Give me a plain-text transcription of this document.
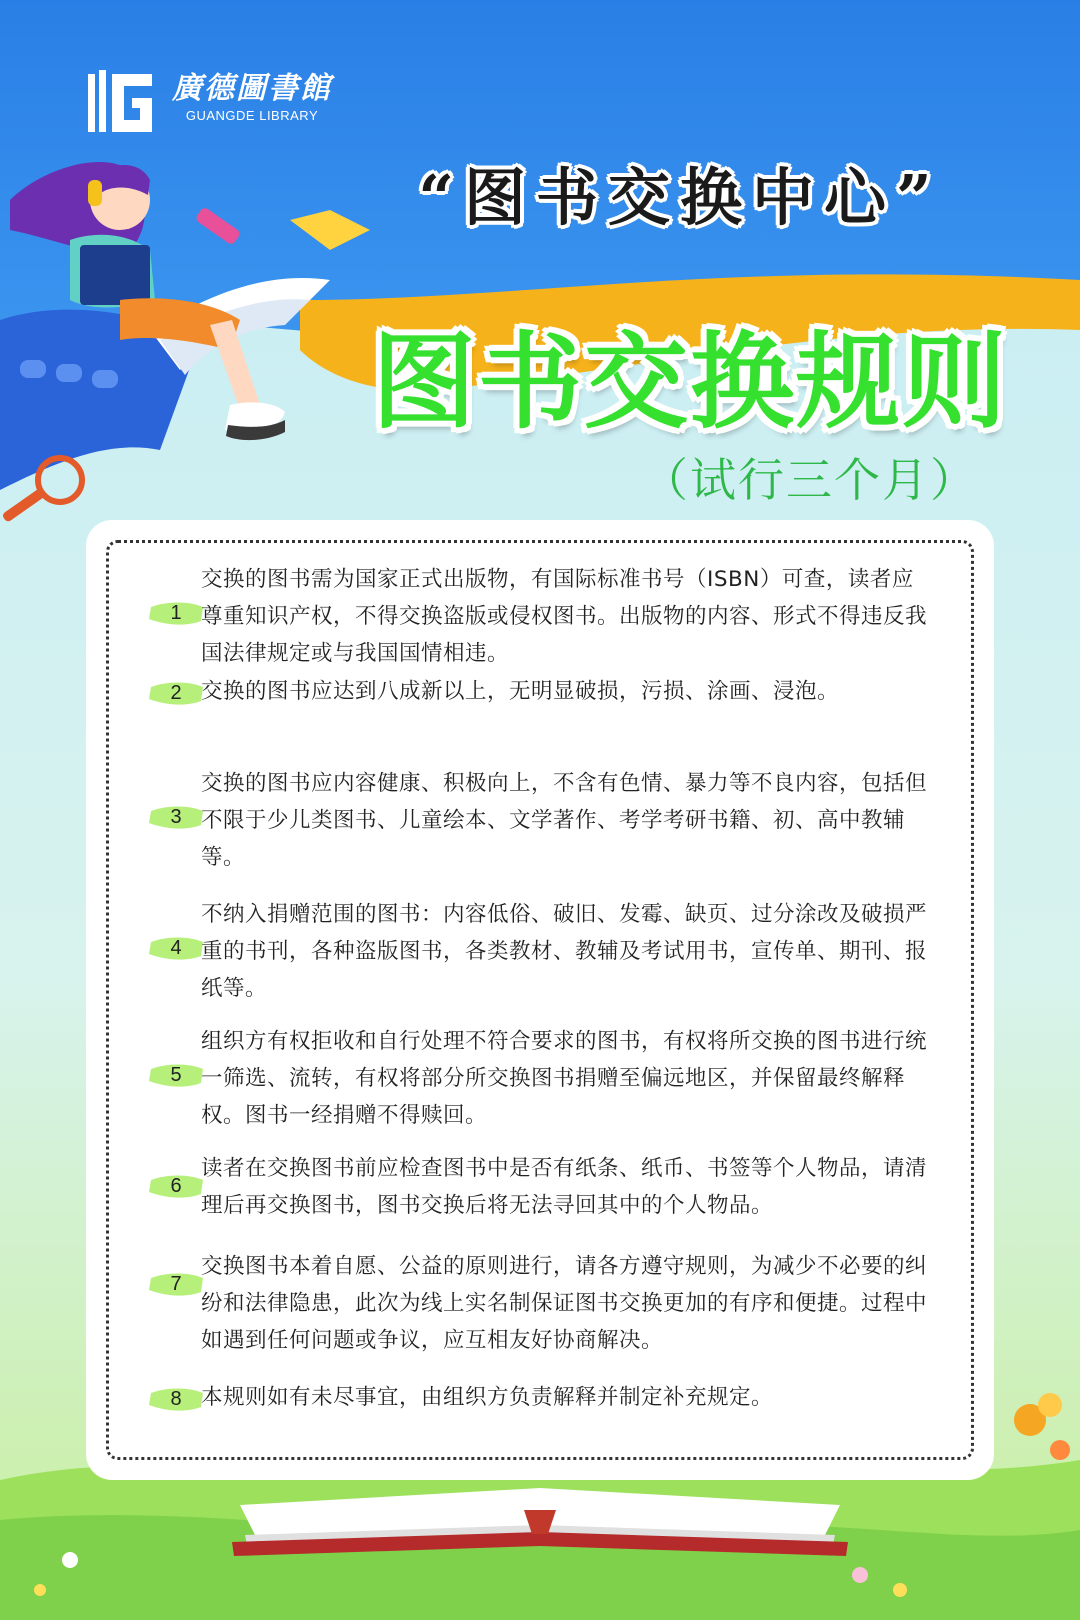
廣德圖書館
GUANGDE LIBRARY
“图书交换中心”
图书交换规则
（试行三个月）
1
交换的图书需为国家正式出版物，有国际标准书号（ISBN）可查，读者应尊重知识产权，不得交换盗版或侵权图书。出版物的内容、形式不得违反我国法律规定或与我国国情相违。
2 交换的图书应达到八成新以上，无明显破损，污损、涂画、浸泡。
3
交换的图书应内容健康、积极向上，不含有色情、暴力等不良内容，包括但不限于少儿类图书、儿童绘本、文学著作、考学考研书籍、初、高中教辅等。
4
不纳入捐赠范围的图书：内容低俗、破旧、发霉、缺页、过分涂改及破损严重的书刊，各种盗版图书，各类教材、教辅及考试用书，宣传单、期刊、报纸等。
5
组织方有权拒收和自行处理不符合要求的图书，有权将所交换的图书进行统一筛选、流转，有权将部分所交换图书捐赠至偏远地区，并保留最终解释权。图书一经捐赠不得赎回。
6
读者在交换图书前应检查图书中是否有纸条、纸币、书签等个人物品，请清理后再交换图书，图书交换后将无法寻回其中的个人物品。
7
交换图书本着自愿、公益的原则进行，请各方遵守规则，为减少不必要的纠纷和法律隐患，此次为线上实名制保证图书交换更加的有序和便捷。过程中如遇到任何问题或争议，应互相友好协商解决。
8 本规则如有未尽事宜，由组织方负责解释并制定补充规定。
